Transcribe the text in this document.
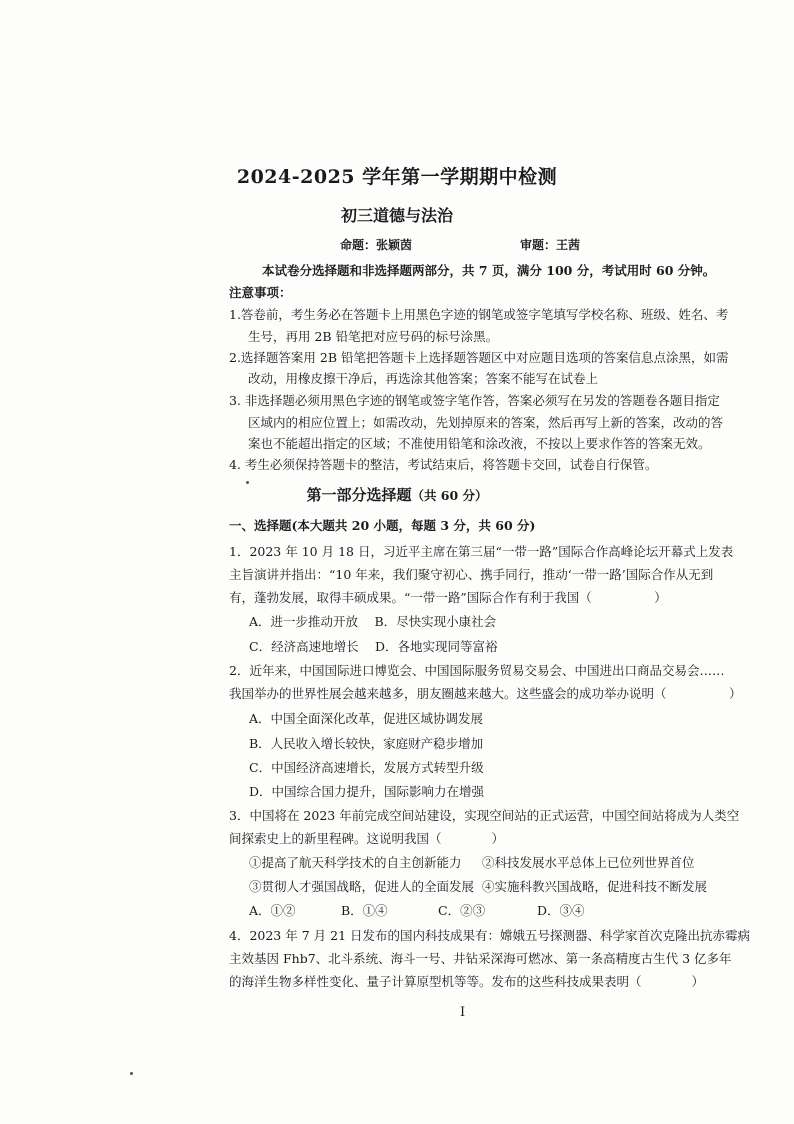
2024-2025 学年第一学期期中检测
初三道德与法治
命题：张颖茵	审题：王茜
本试卷分选择题和非选择题两部分，共 7 页，满分 100 分，考试用时 60 分钟。
注意事项：
1.答卷前，考生务必在答题卡上用黑色字迹的钢笔或签字笔填写学校名称、班级、姓名、考
生号，再用 2B 铅笔把对应号码的标号涂黑。
2.选择题答案用 2B 铅笔把答题卡上选择题答题区中对应题目选项的答案信息点涂黑，如需
改动，用橡皮擦干净后，再选涂其他答案；答案不能写在试卷上
3. 非选择题必须用黑色字迹的钢笔或签字笔作答，答案必须写在另发的答题卷各题目指定
区域内的相应位置上；如需改动，先划掉原来的答案，然后再写上新的答案，改动的答
案也不能超出指定的区域；不准使用铅笔和涂改液，不按以上要求作答的答案无效。
4. 考生必须保持答题卡的整洁，考试结束后，将答题卡交回，试卷自行保管。
第一部分选择题（共 60 分）
一、选择题(本大题共 20 小题，每题 3 分，共 60 分)
1．2023 年 10 月 18 日，习近平主席在第三届“一带一路”国际合作高峰论坛开幕式上发表
主旨演讲并指出：“10 年来，我们聚守初心、携手同行，推动‘一带一路’国际合作从无到
有，蓬勃发展，取得丰硕成果。“一带一路”国际合作有利于我国（　　　　　）
A．进一步推动开放　 B．尽快实现小康社会
C．经济高速地增长　 D．各地实现同等富裕
2．近年来，中国国际进口博览会、中国国际服务贸易交易会、中国进出口商品交易会……
我国举办的世界性展会越来越多，朋友圈越来越大。这些盛会的成功举办说明（　　　　　）
A．中国全面深化改革，促进区域协调发展
B．人民收入增长较快，家庭财产稳步增加
C．中国经济高速增长，发展方式转型升级
D．中国综合国力提升，国际影响力在增强
3．中国将在 2023 年前完成空间站建设，实现空间站的正式运营，中国空间站将成为人类空
间探索史上的新里程碑。这说明我国（　　　　）
①提高了航天科学技术的自主创新能力 ②科技发展水平总体上已位列世界首位
③贯彻人才强国战略，促进人的全面发展 ④实施科教兴国战略，促进科技不断发展
A．①②	B．①④	C．②③	D．③④
4．2023 年 7 月 21 日发布的国内科技成果有：嫦娥五号探测器、科学家首次克隆出抗赤霉病
主效基因 Fhb7、北斗系统、海斗一号、井钻采深海可燃冰、第一条高精度古生代 3 亿多年
的海洋生物多样性变化、量子计算原型机等等。发布的这些科技成果表明（　　　　）
I
